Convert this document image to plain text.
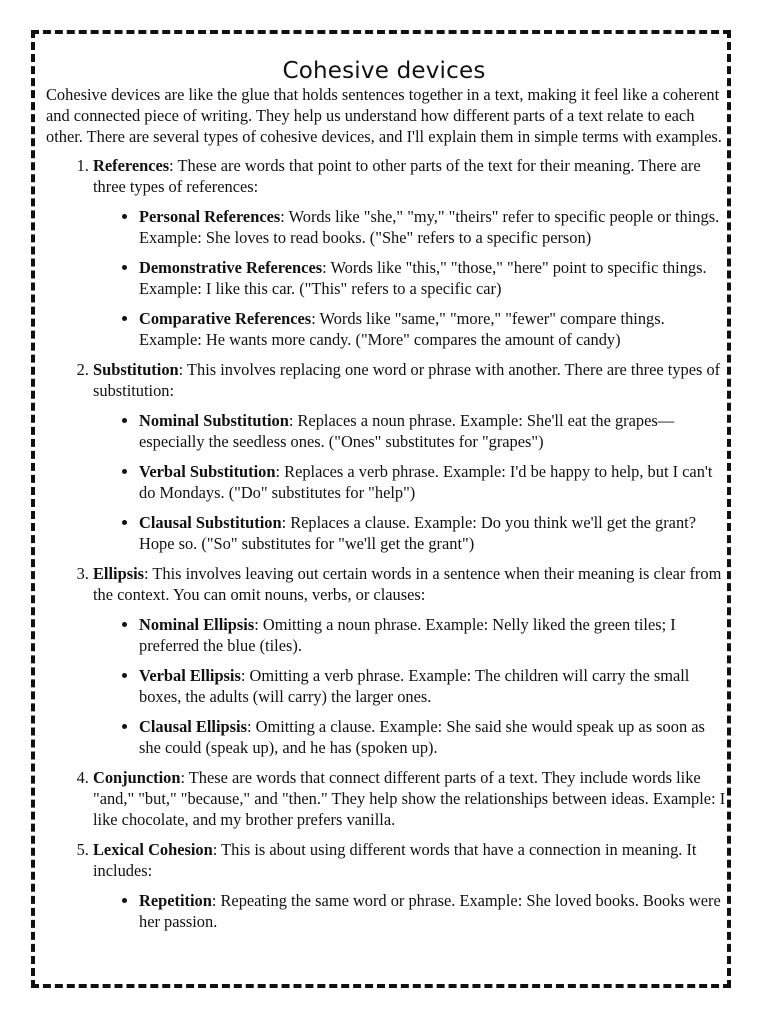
Cohesive devices

Cohesive devices are like the glue that holds sentences together in a text, making it feel like a coherent and connected piece of writing. They help us understand how different parts of a text relate to each other. There are several types of cohesive devices, and I'll explain them in simple terms with examples.

1. References: These are words that point to other parts of the text for their meaning. There are three types of references:
• Personal References: Words like "she," "my," "theirs" refer to specific people or things. Example: She loves to read books. ("She" refers to a specific person)
• Demonstrative References: Words like "this," "those," "here" point to specific things. Example: I like this car. ("This" refers to a specific car)
• Comparative References: Words like "same," "more," "fewer" compare things. Example: He wants more candy. ("More" compares the amount of candy)
2. Substitution: This involves replacing one word or phrase with another. There are three types of substitution:
• Nominal Substitution: Replaces a noun phrase. Example: She'll eat the grapes—especially the seedless ones. ("Ones" substitutes for "grapes")
• Verbal Substitution: Replaces a verb phrase. Example: I'd be happy to help, but I can't do Mondays. ("Do" substitutes for "help")
• Clausal Substitution: Replaces a clause. Example: Do you think we'll get the grant? Hope so. ("So" substitutes for "we'll get the grant")
3. Ellipsis: This involves leaving out certain words in a sentence when their meaning is clear from the context. You can omit nouns, verbs, or clauses:
• Nominal Ellipsis: Omitting a noun phrase. Example: Nelly liked the green tiles; I preferred the blue (tiles).
• Verbal Ellipsis: Omitting a verb phrase. Example: The children will carry the small boxes, the adults (will carry) the larger ones.
• Clausal Ellipsis: Omitting a clause. Example: She said she would speak up as soon as she could (speak up), and he has (spoken up).
4. Conjunction: These are words that connect different parts of a text. They include words like "and," "but," "because," and "then." They help show the relationships between ideas. Example: I like chocolate, and my brother prefers vanilla.
5. Lexical Cohesion: This is about using different words that have a connection in meaning. It includes:
• Repetition: Repeating the same word or phrase. Example: She loved books. Books were her passion.
